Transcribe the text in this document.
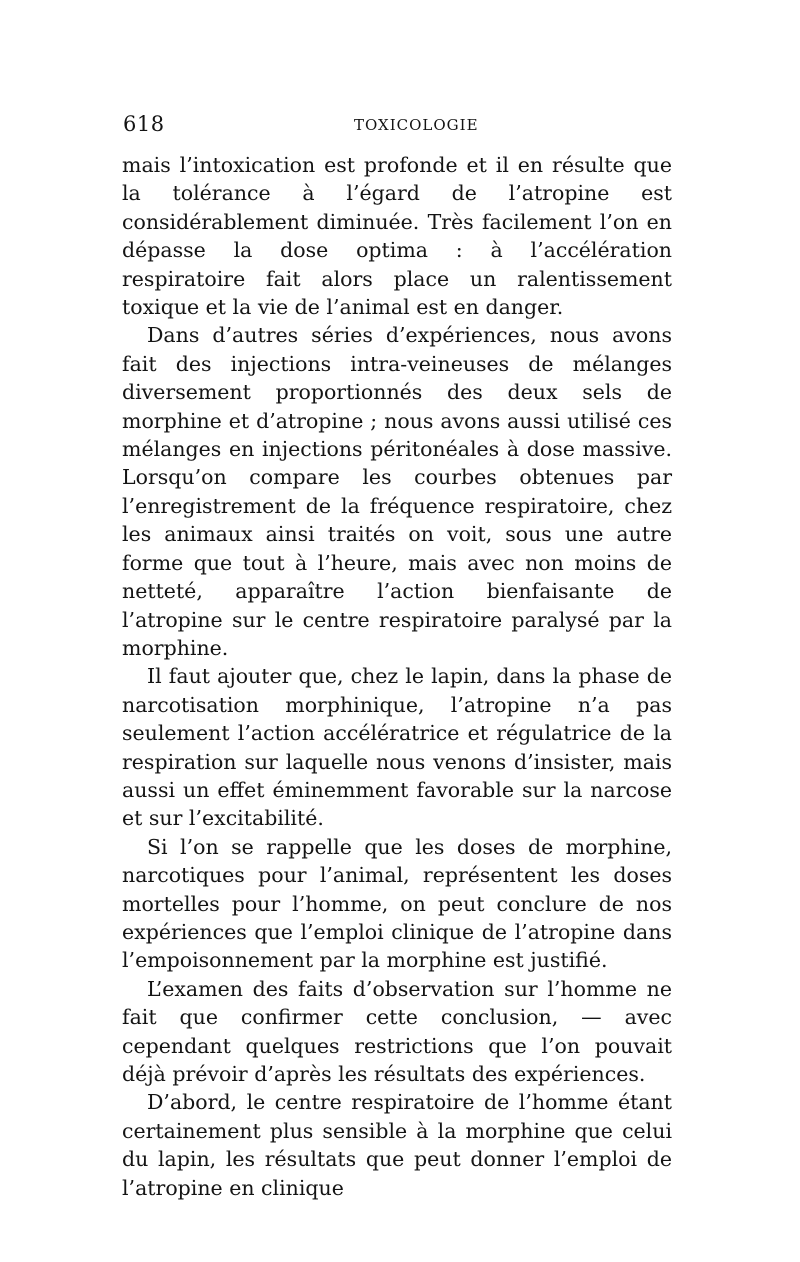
618	TOXICOLOGIE

mais l’intoxication est profonde et il en résulte que la tolérance à l’égard de l’atropine est considérablement diminuée. Très facilement l’on en dépasse la dose optima : à l’accélération respiratoire fait alors place un ralentissement toxique et la vie de l’animal est en danger.

Dans d’autres séries d’expériences, nous avons fait des injections intra-veineuses de mélanges diversement proportionnés des deux sels de morphine et d’atropine ; nous avons aussi utilisé ces mélanges en injections péritonéales à dose massive. Lorsqu’on compare les courbes obtenues par l’enregistrement de la fréquence respiratoire, chez les animaux ainsi traités on voit, sous une autre forme que tout à l’heure, mais avec non moins de netteté, apparaître l’action bienfaisante de l’atropine sur le centre respiratoire paralysé par la morphine.

Il faut ajouter que, chez le lapin, dans la phase de narcotisation morphinique, l’atropine n’a pas seulement l’action accélératrice et régulatrice de la respiration sur laquelle nous venons d’insister, mais aussi un effet éminemment favorable sur la narcose et sur l’excitabilité.

Si l’on se rappelle que les doses de morphine, narcotiques pour l’animal, représentent les doses mortelles pour l’homme, on peut conclure de nos expériences que l’emploi clinique de l’atropine dans l’empoisonnement par la morphine est justifié.

L’examen des faits d’observation sur l’homme ne fait que confirmer cette conclusion, — avec cependant quelques restrictions que l’on pouvait déjà prévoir d’après les résultats des expériences.

D’abord, le centre respiratoire de l’homme étant certainement plus sensible à la morphine que celui du lapin, les résultats que peut donner l’emploi de l’atropine en clinique
